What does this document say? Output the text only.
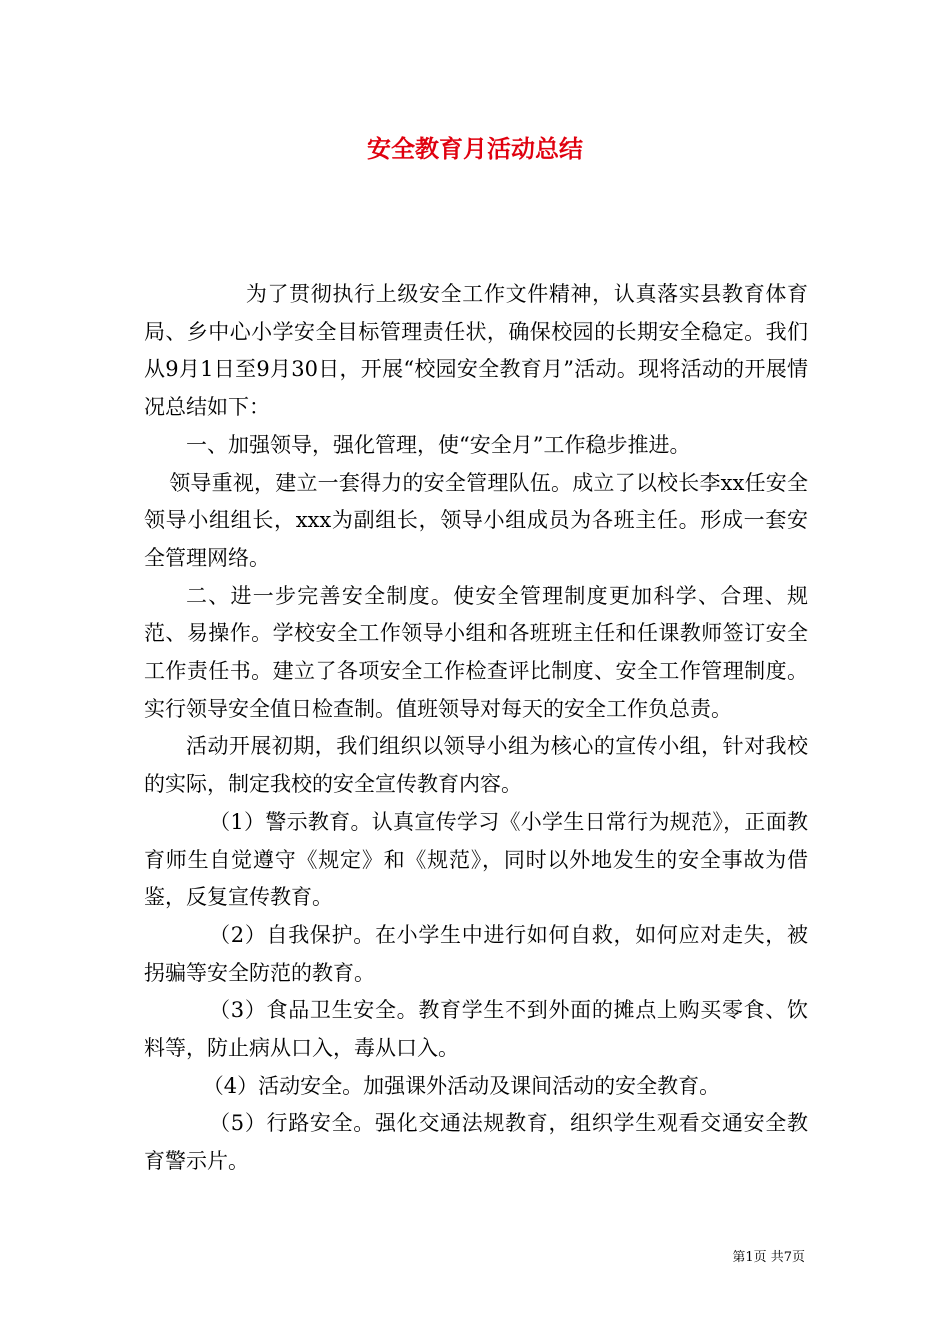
安全教育月活动总结

为了贯彻执行上级安全工作文件精神，认真落实县教育体育局、乡中心小学安全目标管理责任状，确保校园的长期安全稳定。我们从9月1日至9月30日，开展“校园安全教育月”活动。现将活动的开展情况总结如下：

一、加强领导，强化管理，使“安全月”工作稳步推进。

领导重视，建立一套得力的安全管理队伍。成立了以校长李xx任安全领导小组组长，xxx为副组长，领导小组成员为各班主任。形成一套安全管理网络。

二、进一步完善安全制度。使安全管理制度更加科学、合理、规范、易操作。学校安全工作领导小组和各班班主任和任课教师签订安全工作责任书。建立了各项安全工作检查评比制度、安全工作管理制度。实行领导安全值日检查制。值班领导对每天的安全工作负总责。

活动开展初期，我们组织以领导小组为核心的宣传小组，针对我校的实际，制定我校的安全宣传教育内容。

（1）警示教育。认真宣传学习《小学生日常行为规范》，正面教育师生自觉遵守《规定》和《规范》，同时以外地发生的安全事故为借鉴，反复宣传教育。

（2）自我保护。在小学生中进行如何自救，如何应对走失，被拐骗等安全防范的教育。

（3）食品卫生安全。教育学生不到外面的摊点上购买零食、饮料等，防止病从口入，毒从口入。

（4）活动安全。加强课外活动及课间活动的安全教育。

（5）行路安全。强化交通法规教育，组织学生观看交通安全教育警示片。

第1页 共7页
